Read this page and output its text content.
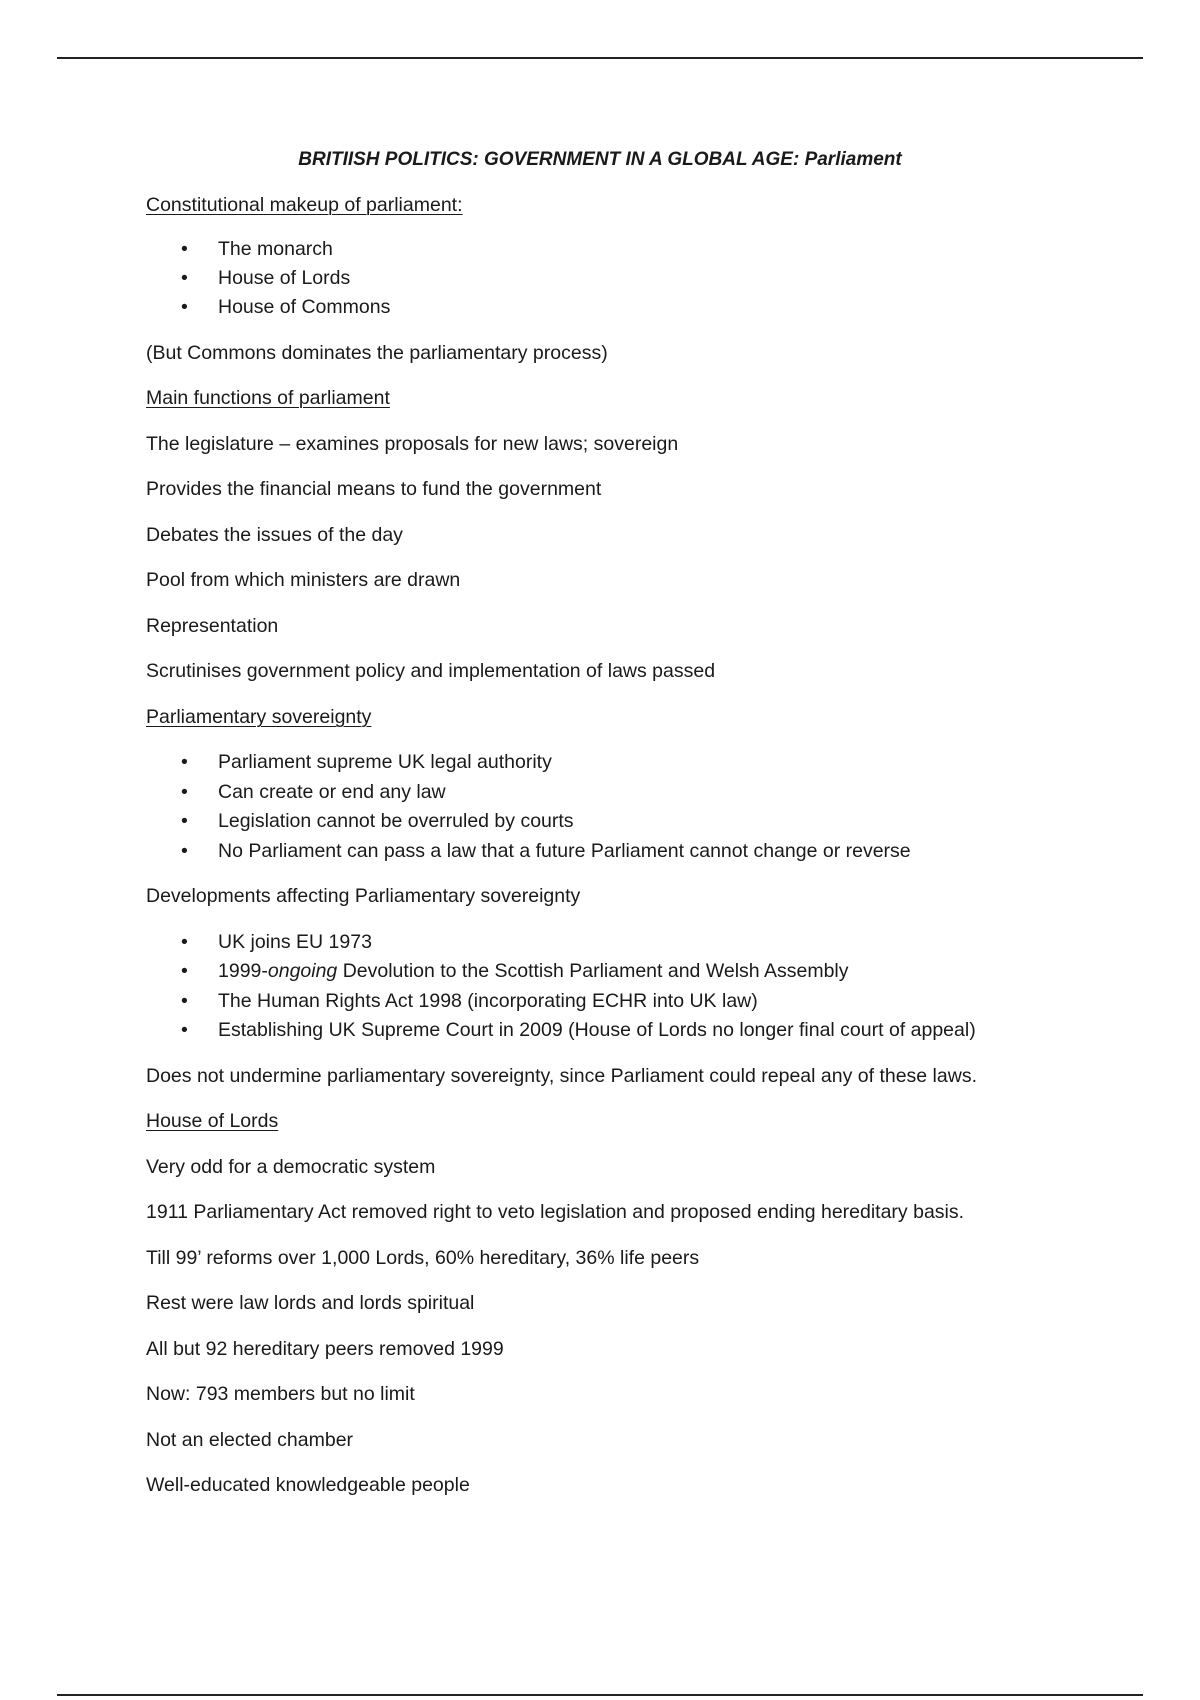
BRITIISH POLITICS: GOVERNMENT IN A GLOBAL AGE: Parliament
Constitutional makeup of parliament:
• The monarch
• House of Lords
• House of Commons
(But Commons dominates the parliamentary process)
Main functions of parliament
The legislature – examines proposals for new laws; sovereign
Provides the financial means to fund the government
Debates the issues of the day
Pool from which ministers are drawn
Representation
Scrutinises government policy and implementation of laws passed
Parliamentary sovereignty
• Parliament supreme UK legal authority
• Can create or end any law
• Legislation cannot be overruled by courts
• No Parliament can pass a law that a future Parliament cannot change or reverse
Developments affecting Parliamentary sovereignty
• UK joins EU 1973
• 1999-ongoing Devolution to the Scottish Parliament and Welsh Assembly
• The Human Rights Act 1998 (incorporating ECHR into UK law)
• Establishing UK Supreme Court in 2009 (House of Lords no longer final court of appeal)
Does not undermine parliamentary sovereignty, since Parliament could repeal any of these laws.
House of Lords
Very odd for a democratic system
1911 Parliamentary Act removed right to veto legislation and proposed ending hereditary basis.
Till 99’ reforms over 1,000 Lords, 60% hereditary, 36% life peers
Rest were law lords and lords spiritual
All but 92 hereditary peers removed 1999
Now: 793 members but no limit
Not an elected chamber
Well-educated knowledgeable people
